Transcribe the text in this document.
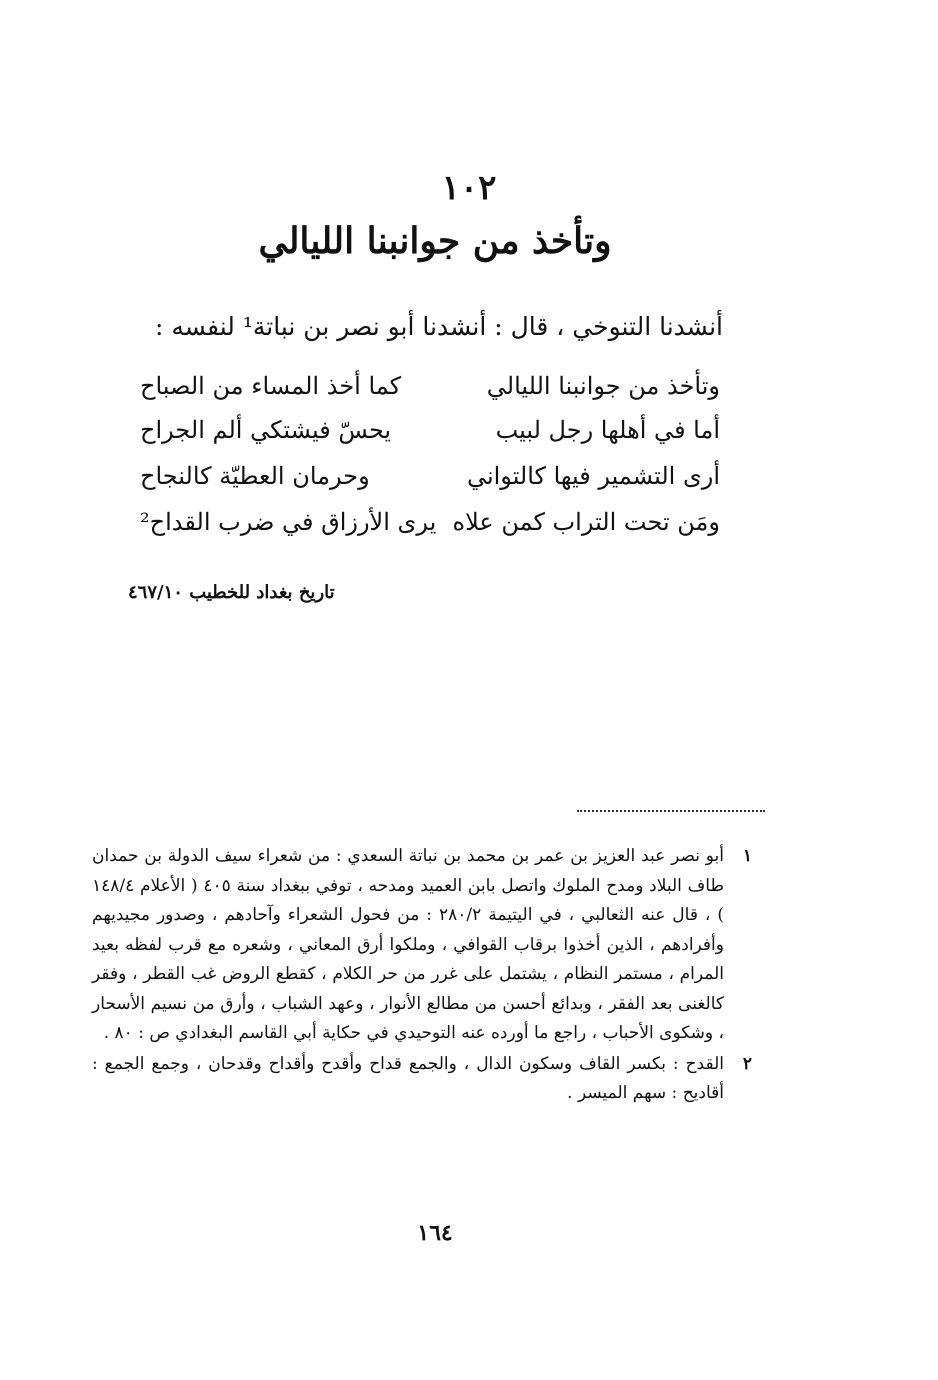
١٠٢
وتأخذ من جوانبنا الليالي
أنشدنا التنوخي ، قال : أنشدنا أبو نصر بن نباتة¹ لنفسه :
وتأخذ من جوانبنا الليالي
كما أخذ المساء من الصباح
أما في أهلها رجل لبيب
يحسّ فيشتكي ألم الجراح
أرى التشمير فيها كالتواني
وحرمان العطيّة كالنجاح
ومَن تحت التراب كمن علاه
يرى الأرزاق في ضرب القداح²
تاريخ بغداد للخطيب ٤٦٧/١٠
١
أبو نصر عبد العزيز بن عمر بن محمد بن نباتة السعدي : من شعراء سيف الدولة بن حمدان طاف البلاد ومدح الملوك واتصل بابن العميد ومدحه ، توفي ببغداد سنة ٤٠٥ ( الأعلام ١٤٨/٤ ) ، قال عنه الثعالبي ، في اليتيمة ٢٨٠/٢ : من فحول الشعراء وآحادهم ، وصدور مجيديهم وأفرادهم ، الذين أخذوا برقاب القوافي ، وملكوا أرق المعاني ، وشعره مع قرب لفظه بعيد المرام ، مستمر النظام ، يشتمل على غرر من حر الكلام ، كقطع الروض غب القطر ، وفقر كالغنى بعد الفقر ، وبدائع أحسن من مطالع الأنوار ، وعهد الشباب ، وأرق من نسيم الأسحار ، وشكوى الأحباب ، راجع ما أورده عنه التوحيدي في حكاية أبي القاسم البغدادي ص : ٨٠ .
٢
القدح : بكسر القاف وسكون الدال ، والجمع قداح وأقدح وأقداح وقدحان ، وجمع الجمع : أقاديح : سهم الميسر .
١٦٤
